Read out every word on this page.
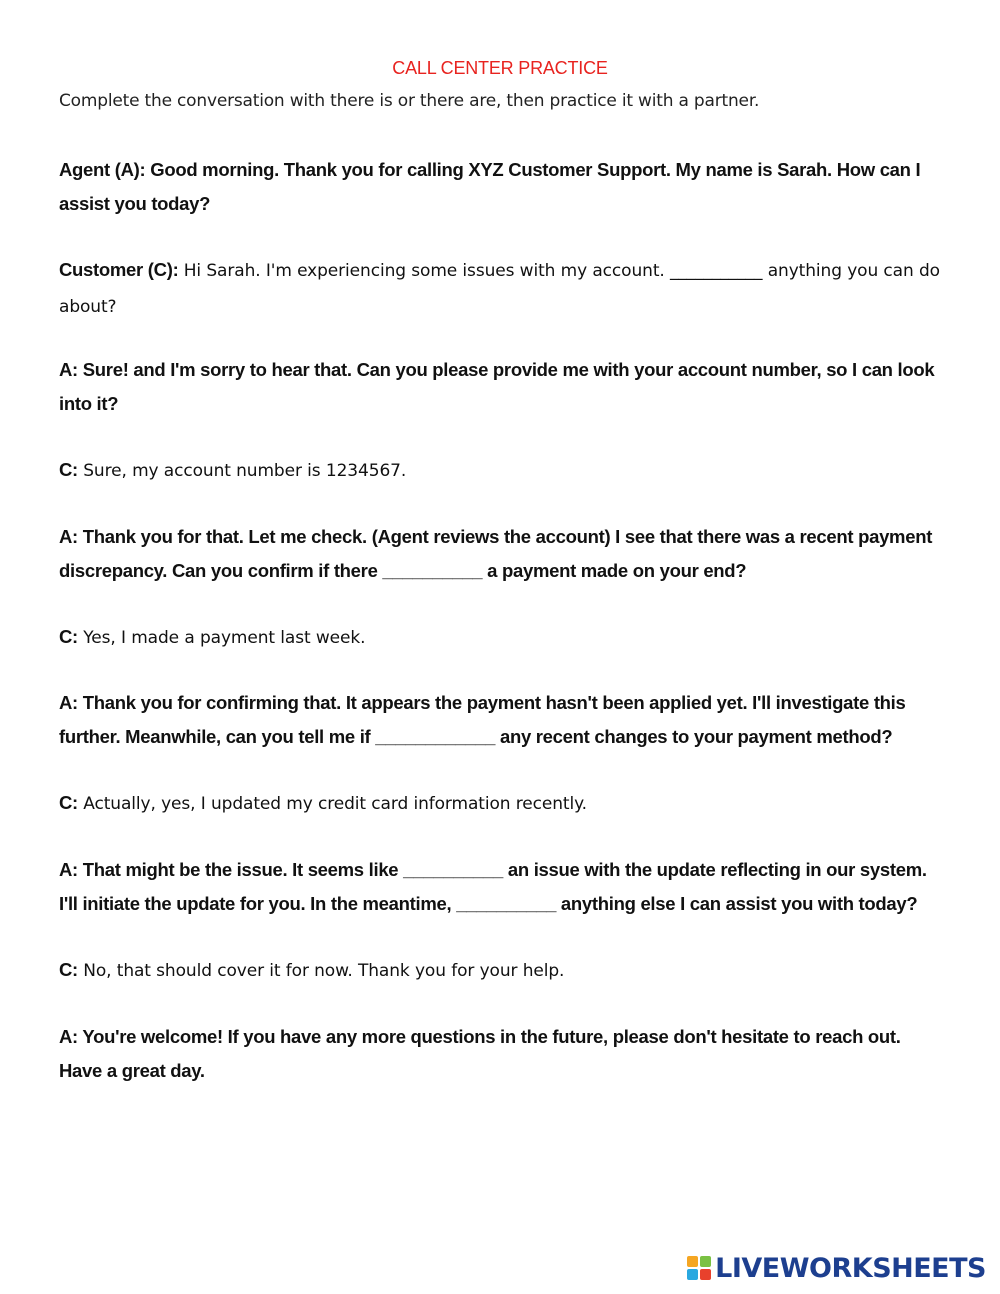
CALL CENTER PRACTICE
Complete the conversation with there is or there are, then practice it with a partner.
Agent (A): Good morning. Thank you for calling XYZ Customer Support. My name is Sarah. How can I assist you today?
Customer (C): Hi Sarah. I'm experiencing some issues with my account. ___________ anything you can do about?
A: Sure! and I'm sorry to hear that. Can you please provide me with your account number, so I can look into it?
C: Sure, my account number is 1234567.
A: Thank you for that. Let me check. (Agent reviews the account) I see that there was a recent payment discrepancy. Can you confirm if there __________ a payment made on your end?
C: Yes, I made a payment last week.
A: Thank you for confirming that. It appears the payment hasn't been applied yet. I'll investigate this further. Meanwhile, can you tell me if ____________ any recent changes to your payment method?
C: Actually, yes, I updated my credit card information recently.
A: That might be the issue. It seems like __________ an issue with the update reflecting in our system. I'll initiate the update for you. In the meantime, __________ anything else I can assist you with today?
C: No, that should cover it for now. Thank you for your help.
A: You're welcome! If you have any more questions in the future, please don't hesitate to reach out. Have a great day.
LIVEWORKSHEETS
